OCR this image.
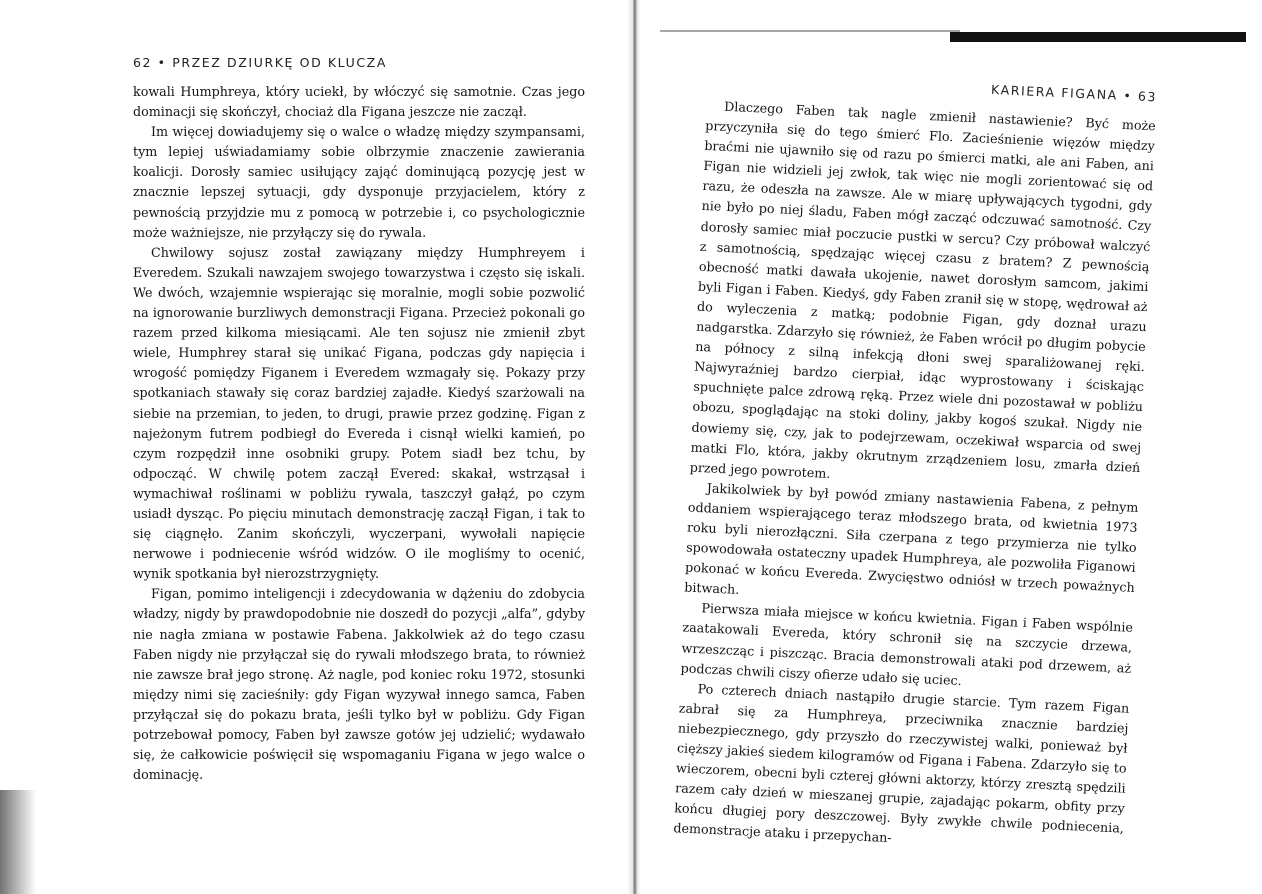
62 • PRZEZ DZIURKĘ OD KLUCZA

kowali Humphreya, który uciekł, by włóczyć się samotnie. Czas jego dominacji się skończył, chociaż dla Figana jeszcze nie zaczął.

Im więcej dowiadujemy się o walce o władzę między szympansami, tym lepiej uświadamiamy sobie olbrzymie znaczenie zawierania koalicji. Dorosły samiec usiłujący zająć dominującą pozycję jest w znacznie lepszej sytuacji, gdy dysponuje przyjacielem, który z pewnością przyjdzie mu z pomocą w potrzebie i, co psychologicznie może ważniejsze, nie przyłączy się do rywala.

Chwilowy sojusz został zawiązany między Humphreyem i Everedem. Szukali nawzajem swojego towarzystwa i często się iskali. We dwóch, wzajemnie wspierając się moralnie, mogli sobie pozwolić na ignorowanie burzliwych demonstracji Figana. Przecież pokonali go razem przed kilkoma miesiącami. Ale ten sojusz nie zmienił zbyt wiele, Humphrey starał się unikać Figana, podczas gdy napięcia i wrogość pomiędzy Figanem i Everedem wzmagały się. Pokazy przy spotkaniach stawały się coraz bardziej zajadłe. Kiedyś szarżowali na siebie na przemian, to jeden, to drugi, prawie przez godzinę. Figan z najeżonym futrem podbiegł do Evereda i cisnął wielki kamień, po czym rozpędził inne osobniki grupy. Potem siadł bez tchu, by odpocząć. W chwilę potem zaczął Evered: skakał, wstrząsał i wymachiwał roślinami w pobliżu rywala, taszczył gałąź, po czym usiadł dysząc. Po pięciu minutach demonstrację zaczął Figan, i tak to się ciągnęło. Zanim skończyli, wyczerpani, wywołali napięcie nerwowe i podniecenie wśród widzów. O ile mogliśmy to ocenić, wynik spotkania był nierozstrzygnięty.

Figan, pomimo inteligencji i zdecydowania w dążeniu do zdobycia władzy, nigdy by prawdopodobnie nie doszedł do pozycji „alfa”, gdyby nie nagła zmiana w postawie Fabena. Jakkolwiek aż do tego czasu Faben nigdy nie przyłączał się do rywali młodszego brata, to również nie zawsze brał jego stronę. Aż nagle, pod koniec roku 1972, stosunki między nimi się zacieśniły: gdy Figan wyzywał innego samca, Faben przyłączał się do pokazu brata, jeśli tylko był w pobliżu. Gdy Figan potrzebował pomocy, Faben był zawsze gotów jej udzielić; wydawało się, że całkowicie poświęcił się wspomaganiu Figana w jego walce o dominację.

KARIERA FIGANA • 63

Dlaczego Faben tak nagle zmienił nastawienie? Być może przyczyniła się do tego śmierć Flo. Zacieśnienie więzów między braćmi nie ujawniło się od razu po śmierci matki, ale ani Faben, ani Figan nie widzieli jej zwłok, tak więc nie mogli zorientować się od razu, że odeszła na zawsze. Ale w miarę upływających tygodni, gdy nie było po niej śladu, Faben mógł zacząć odczuwać samotność. Czy dorosły samiec miał poczucie pustki w sercu? Czy próbował walczyć z samotnością, spędzając więcej czasu z bratem? Z pewnością obecność matki dawała ukojenie, nawet dorosłym samcom, jakimi byli Figan i Faben. Kiedyś, gdy Faben zranił się w stopę, wędrował aż do wyleczenia z matką; podobnie Figan, gdy doznał urazu nadgarstka. Zdarzyło się również, że Faben wrócił po długim pobycie na północy z silną infekcją dłoni swej sparaliżowanej ręki. Najwyraźniej bardzo cierpiał, idąc wyprostowany i ściskając spuchnięte palce zdrową ręką. Przez wiele dni pozostawał w pobliżu obozu, spoglądając na stoki doliny, jakby kogoś szukał. Nigdy nie dowiemy się, czy, jak to podejrzewam, oczekiwał wsparcia od swej matki Flo, która, jakby okrutnym zrządzeniem losu, zmarła dzień przed jego powrotem.

Jakikolwiek by był powód zmiany nastawienia Fabena, z pełnym oddaniem wspierającego teraz młodszego brata, od kwietnia 1973 roku byli nierozłączni. Siła czerpana z tego przymierza nie tylko spowodowała ostateczny upadek Humphreya, ale pozwoliła Figanowi pokonać w końcu Evereda. Zwycięstwo odniósł w trzech poważnych bitwach.

Pierwsza miała miejsce w końcu kwietnia. Figan i Faben wspólnie zaatakowali Evereda, który schronił się na szczycie drzewa, wrzeszcząc i piszcząc. Bracia demonstrowali ataki pod drzewem, aż podczas chwili ciszy ofierze udało się uciec.

Po czterech dniach nastąpiło drugie starcie. Tym razem Figan zabrał się za Humphreya, przeciwnika znacznie bardziej niebezpiecznego, gdy przyszło do rzeczywistej walki, ponieważ był cięższy jakieś siedem kilogramów od Figana i Fabena. Zdarzyło się to wieczorem, obecni byli czterej główni aktorzy, którzy zresztą spędzili razem cały dzień w mieszanej grupie, zajadając pokarm, obfity przy końcu długiej pory deszczowej. Były zwykłe chwile podniecenia, demonstracje ataku i przepychan-
